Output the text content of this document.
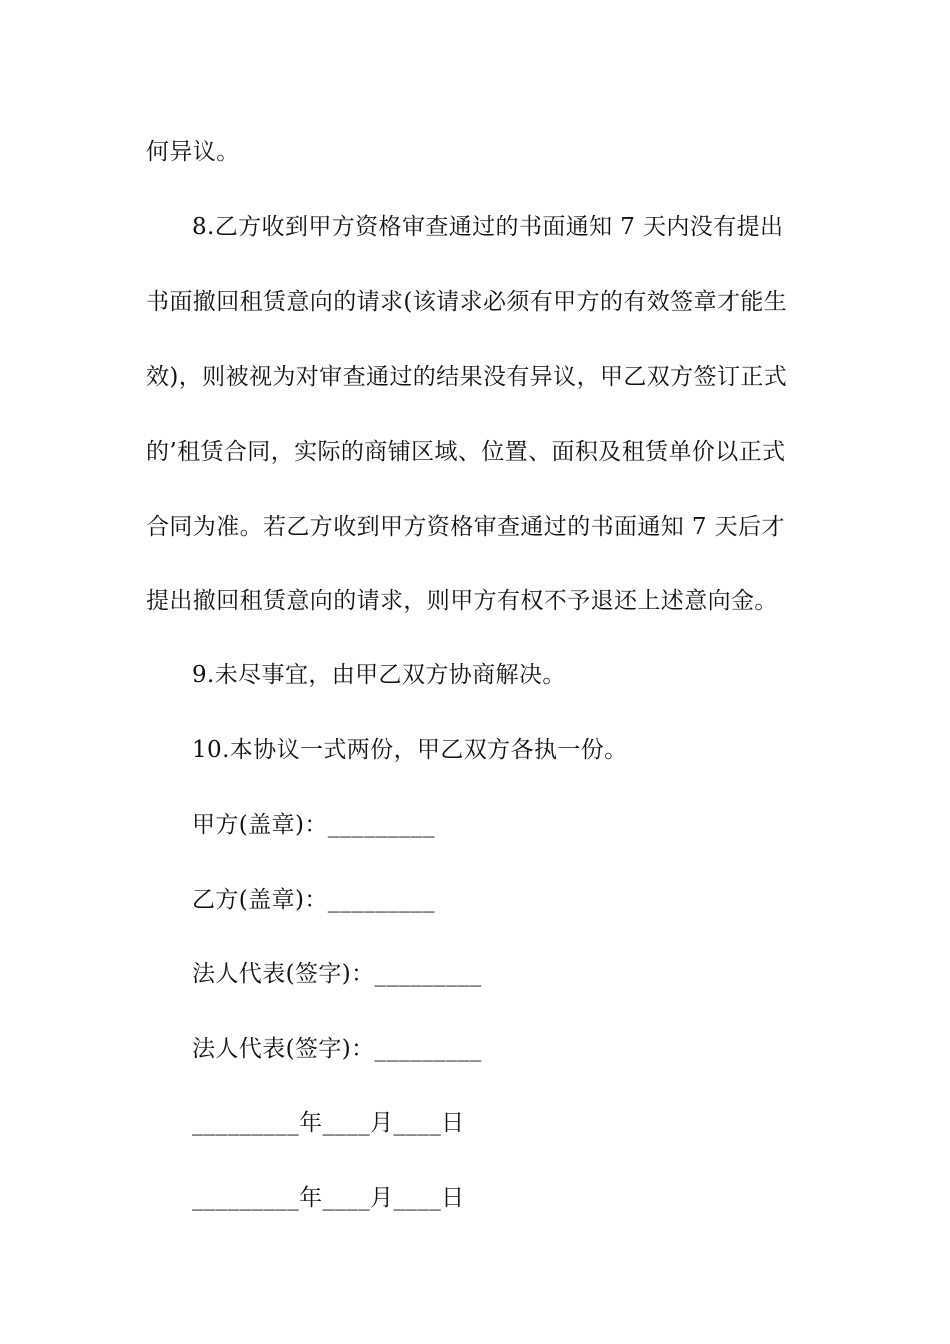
何异议。
8.乙方收到甲方资格审查通过的书面通知 7 天内没有提出
书面撤回租赁意向的请求(该请求必须有甲方的有效签章才能生
效)，则被视为对审查通过的结果没有异议，甲乙双方签订正式
的’租赁合同，实际的商铺区域、位置、面积及租赁单价以正式
合同为准。若乙方收到甲方资格审查通过的书面通知 7 天后才
提出撤回租赁意向的请求，则甲方有权不予退还上述意向金。
9.未尽事宜，由甲乙双方协商解决。
10.本协议一式两份，甲乙双方各执一份。
甲方(盖章)：_________
乙方(盖章)：_________
法人代表(签字)：_________
法人代表(签字)：_________
_________年____月____日
_________年____月____日
